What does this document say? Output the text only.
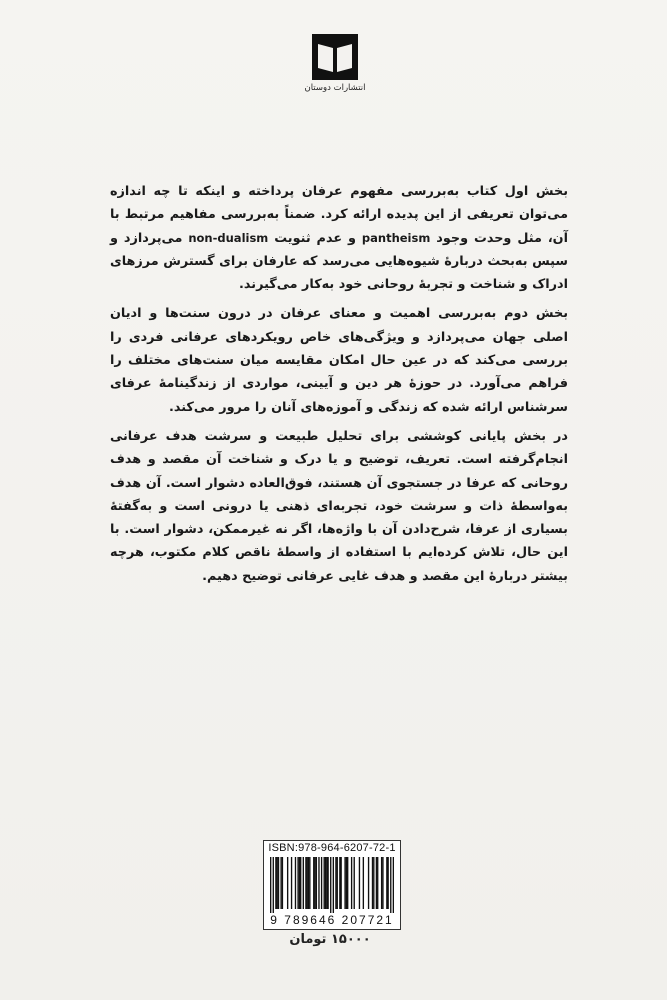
انتشارات دوستان

بخش اول کتاب به‌بررسی مفهوم عرفان پرداخته و اینکه تا چه اندازه می‌توان تعریفی از این پدیده ارائه کرد. ضمناً به‌بررسی مفاهیم مرتبط با آن، مثل وحدت وجود pantheism و عدم ثنویت non-dualism می‌پردازد و سپس به‌بحث دربارهٔ شیوه‌هایی می‌رسد که عارفان برای گسترش مرزهای ادراک و شناخت و تجربهٔ روحانی خود به‌کار می‌گیرند.

بخش دوم به‌بررسی اهمیت و معنای عرفان در درون سنت‌ها و ادیان اصلی جهان می‌پردازد و ویژگی‌های خاص رویکردهای عرفانی فردی را بررسی می‌کند که در عین حال امکان مقایسه میان سنت‌های مختلف را فراهم می‌آورد. در حوزهٔ هر دین و آیینی، مواردی از زندگینامهٔ عرفای سرشناس ارائه شده که زندگی و آموزه‌های آنان را مرور می‌کند.

در بخش پایانی کوششی برای تحلیل طبیعت و سرشت هدف عرفانی انجام‌گرفته است. تعریف، توضیح و یا درک و شناخت آن مقصد و هدف روحانی که عرفا در جستجوی آن هستند، فوق‌العاده دشوار است. آن هدف به‌واسطهٔ ذات و سرشت خود، تجربه‌ای ذهنی یا درونی است و به‌گفتهٔ بسیاری از عرفا، شرح‌دادن آن با واژه‌ها، اگر نه غیرممکن، دشوار است. با این حال، تلاش کرده‌ایم با استفاده از واسطهٔ ناقص کلام مکتوب، هرچه بیشتر دربارهٔ این مقصد و هدف غایی عرفانی توضیح دهیم.

ISBN:978-964-6207-72-1
9 789646 207721
۱۵۰۰۰ تومان
